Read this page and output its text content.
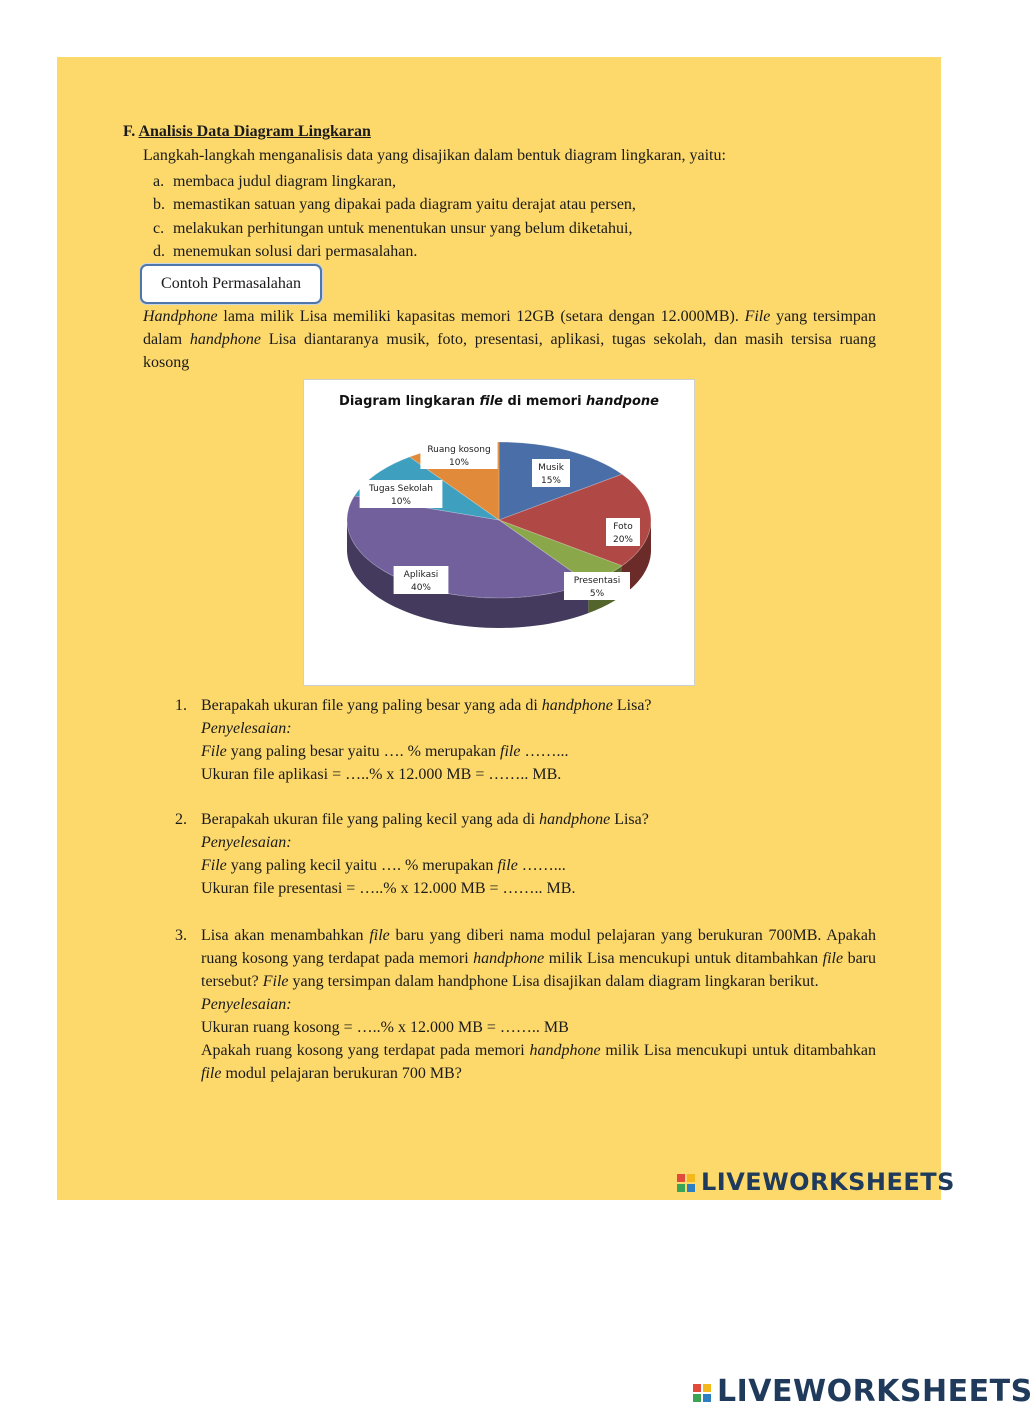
F. Analisis Data Diagram Lingkaran
Langkah-langkah menganalisis data yang disajikan dalam bentuk diagram lingkaran, yaitu:
a. membaca judul diagram lingkaran,
b. memastikan satuan yang dipakai pada diagram yaitu derajat atau persen,
c. melakukan perhitungan untuk menentukan unsur yang belum diketahui,
d. menemukan solusi dari permasalahan.
Contoh Permasalahan
Handphone lama milik Lisa memiliki kapasitas memori 12GB (setara dengan 12.000MB). File yang tersimpan dalam handphone Lisa diantaranya musik, foto, presentasi, aplikasi, tugas sekolah, dan masih tersisa ruang kosong
Diagram lingkaran file di memori handpone
Musik
15%
Foto
20%
Presentasi
5%
Aplikasi
40%
Tugas Sekolah
10%
Ruang kosong
10%
1. Berapakah ukuran file yang paling besar yang ada di handphone Lisa?
Penyelesaian:
File yang paling besar yaitu …. % merupakan file ……...
Ukuran file aplikasi = …..% x 12.000 MB = …….. MB.
2. Berapakah ukuran file yang paling kecil yang ada di handphone Lisa?
Penyelesaian:
File yang paling kecil yaitu …. % merupakan file ……...
Ukuran file presentasi = …..% x 12.000 MB = …….. MB.
3. Lisa akan menambahkan file baru yang diberi nama modul pelajaran yang berukuran 700MB. Apakah ruang kosong yang terdapat pada memori handphone milik Lisa mencukupi untuk ditambahkan file baru tersebut? File yang tersimpan dalam handphone Lisa disajikan dalam diagram lingkaran berikut.
Penyelesaian:
Ukuran ruang kosong = …..% x 12.000 MB = …….. MB
Apakah ruang kosong yang terdapat pada memori handphone milik Lisa mencukupi untuk ditambahkan file modul pelajaran berukuran 700 MB?
LIVEWORKSHEETS
LIVEWORKSHEETS
